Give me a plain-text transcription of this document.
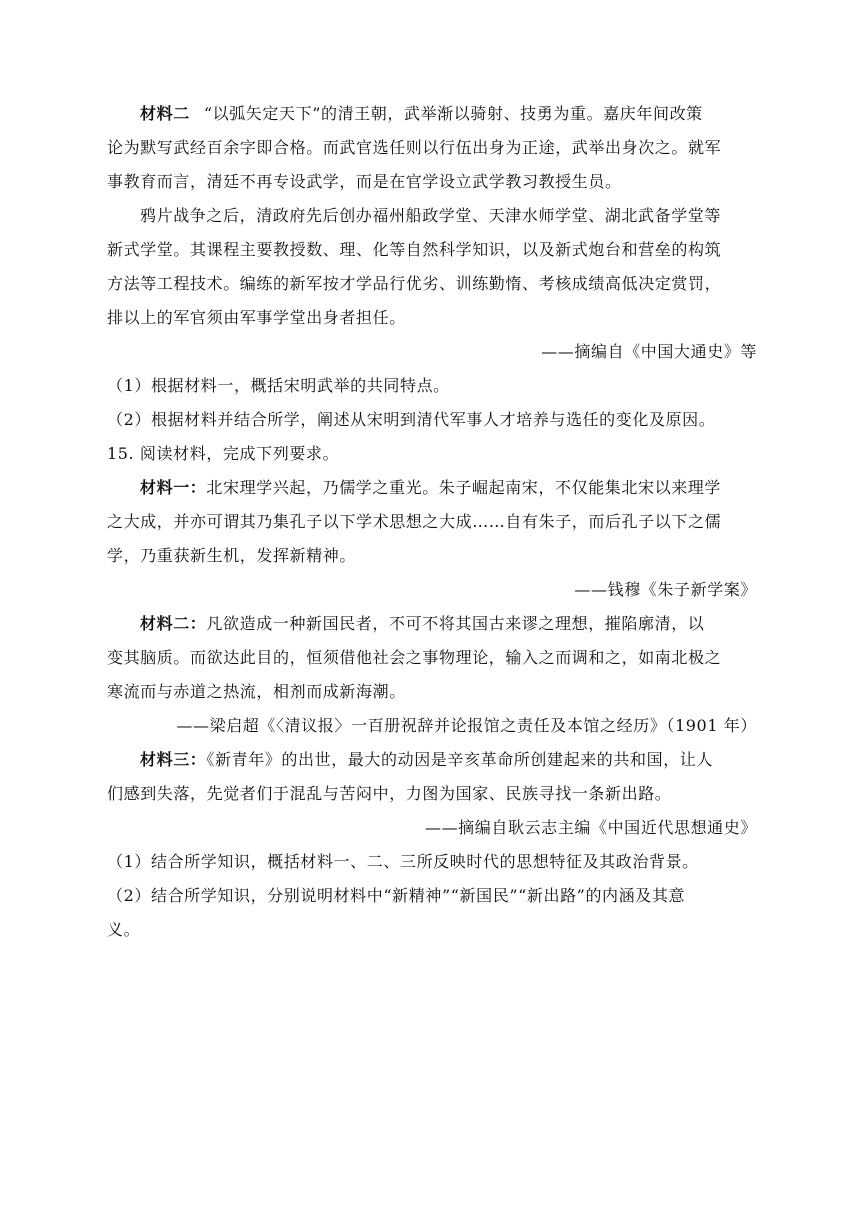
材料二 “以弧矢定天下”的清王朝，武举渐以骑射、技勇为重。嘉庆年间改策
论为默写武经百余字即合格。而武官选任则以行伍出身为正途，武举出身次之。就军
事教育而言，清廷不再专设武学，而是在官学设立武学教习教授生员。
鸦片战争之后，清政府先后创办福州船政学堂、天津水师学堂、湖北武备学堂等
新式学堂。其课程主要教授数、理、化等自然科学知识，以及新式炮台和营垒的构筑
方法等工程技术。编练的新军按才学品行优劣、训练勤惰、考核成绩高低决定赏罚，
排以上的军官须由军事学堂出身者担任。
——摘编自《中国大通史》等
（1）根据材料一，概括宋明武举的共同特点。
（2）根据材料并结合所学，阐述从宋明到清代军事人才培养与选任的变化及原因。
15. 阅读材料，完成下列要求。
材料一：北宋理学兴起，乃儒学之重光。朱子崛起南宋，不仅能集北宋以来理学
之大成，并亦可谓其乃集孔子以下学术思想之大成……自有朱子，而后孔子以下之儒
学，乃重获新生机，发挥新精神。
——钱穆《朱子新学案》
材料二：凡欲造成一种新国民者，不可不将其国古来谬之理想，摧陷廓清，以
变其脑质。而欲达此目的，恒须借他社会之事物理论，输入之而调和之，如南北极之
寒流而与赤道之热流，相剂而成新海潮。
——梁启超《〈清议报〉一百册祝辞并论报馆之责任及本馆之经历》（1901 年）
材料三：《新青年》的出世，最大的动因是辛亥革命所创建起来的共和国，让人
们感到失落，先觉者们于混乱与苦闷中，力图为国家、民族寻找一条新出路。
——摘编自耿云志主编《中国近代思想通史》
（1）结合所学知识，概括材料一、二、三所反映时代的思想特征及其政治背景。
（2）结合所学知识，分别说明材料中“新精神”“新国民”“新出路”的内涵及其意
义。
